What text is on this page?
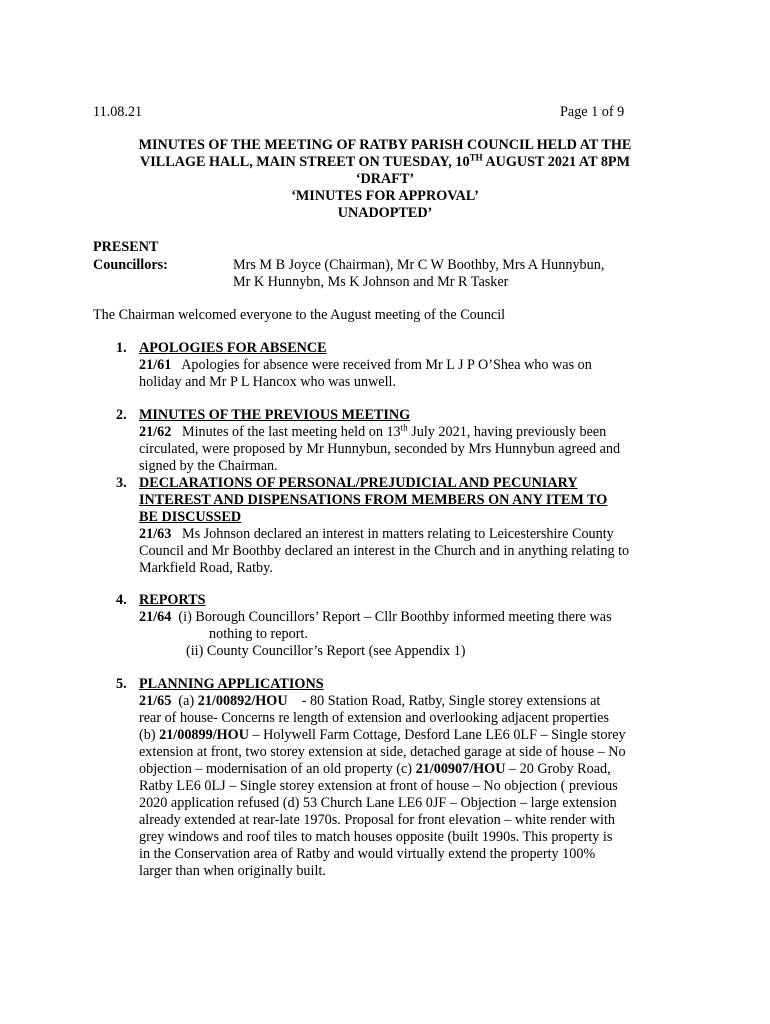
11.08.21	Page 1 of 9
MINUTES OF THE MEETING OF RATBY PARISH COUNCIL HELD AT THE
VILLAGE HALL, MAIN STREET ON TUESDAY, 10TH AUGUST 2021 AT 8PM
‘DRAFT’
‘MINUTES FOR APPROVAL’
UNADOPTED’
PRESENT
Councillors:	Mrs M B Joyce (Chairman), Mr C W Boothby, Mrs A Hunnybun,
Mr K Hunnybn, Ms K Johnson and Mr R Tasker
The Chairman welcomed everyone to the August meeting of the Council
1. APOLOGIES FOR ABSENCE
21/61 Apologies for absence were received from Mr L J P O’Shea who was on
holiday and Mr P L Hancox who was unwell.
2. MINUTES OF THE PREVIOUS MEETING
21/62 Minutes of the last meeting held on 13th July 2021, having previously been
circulated, were proposed by Mr Hunnybun, seconded by Mrs Hunnybun agreed and
signed by the Chairman.
3. DECLARATIONS OF PERSONAL/PREJUDICIAL AND PECUNIARY
INTEREST AND DISPENSATIONS FROM MEMBERS ON ANY ITEM TO
BE DISCUSSED
21/63 Ms Johnson declared an interest in matters relating to Leicestershire County
Council and Mr Boothby declared an interest in the Church and in anything relating to
Markfield Road, Ratby.
4. REPORTS
21/64 (i) Borough Councillors’ Report – Cllr Boothby informed meeting there was
nothing to report.
(ii) County Councillor’s Report (see Appendix 1)
5. PLANNING APPLICATIONS
21/65 (a) 21/00892/HOU    - 80 Station Road, Ratby, Single storey extensions at
rear of house- Concerns re length of extension and overlooking adjacent properties
(b) 21/00899/HOU – Holywell Farm Cottage, Desford Lane LE6 0LF – Single storey
extension at front, two storey extension at side, detached garage at side of house – No
objection – modernisation of an old property (c) 21/00907/HOU – 20 Groby Road,
Ratby LE6 0LJ – Single storey extension at front of house – No objection ( previous
2020 application refused (d) 53 Church Lane LE6 0JF – Objection – large extension
already extended at rear-late 1970s. Proposal for front elevation – white render with
grey windows and roof tiles to match houses opposite (built 1990s. This property is
in the Conservation area of Ratby and would virtually extend the property 100%
larger than when originally built.
